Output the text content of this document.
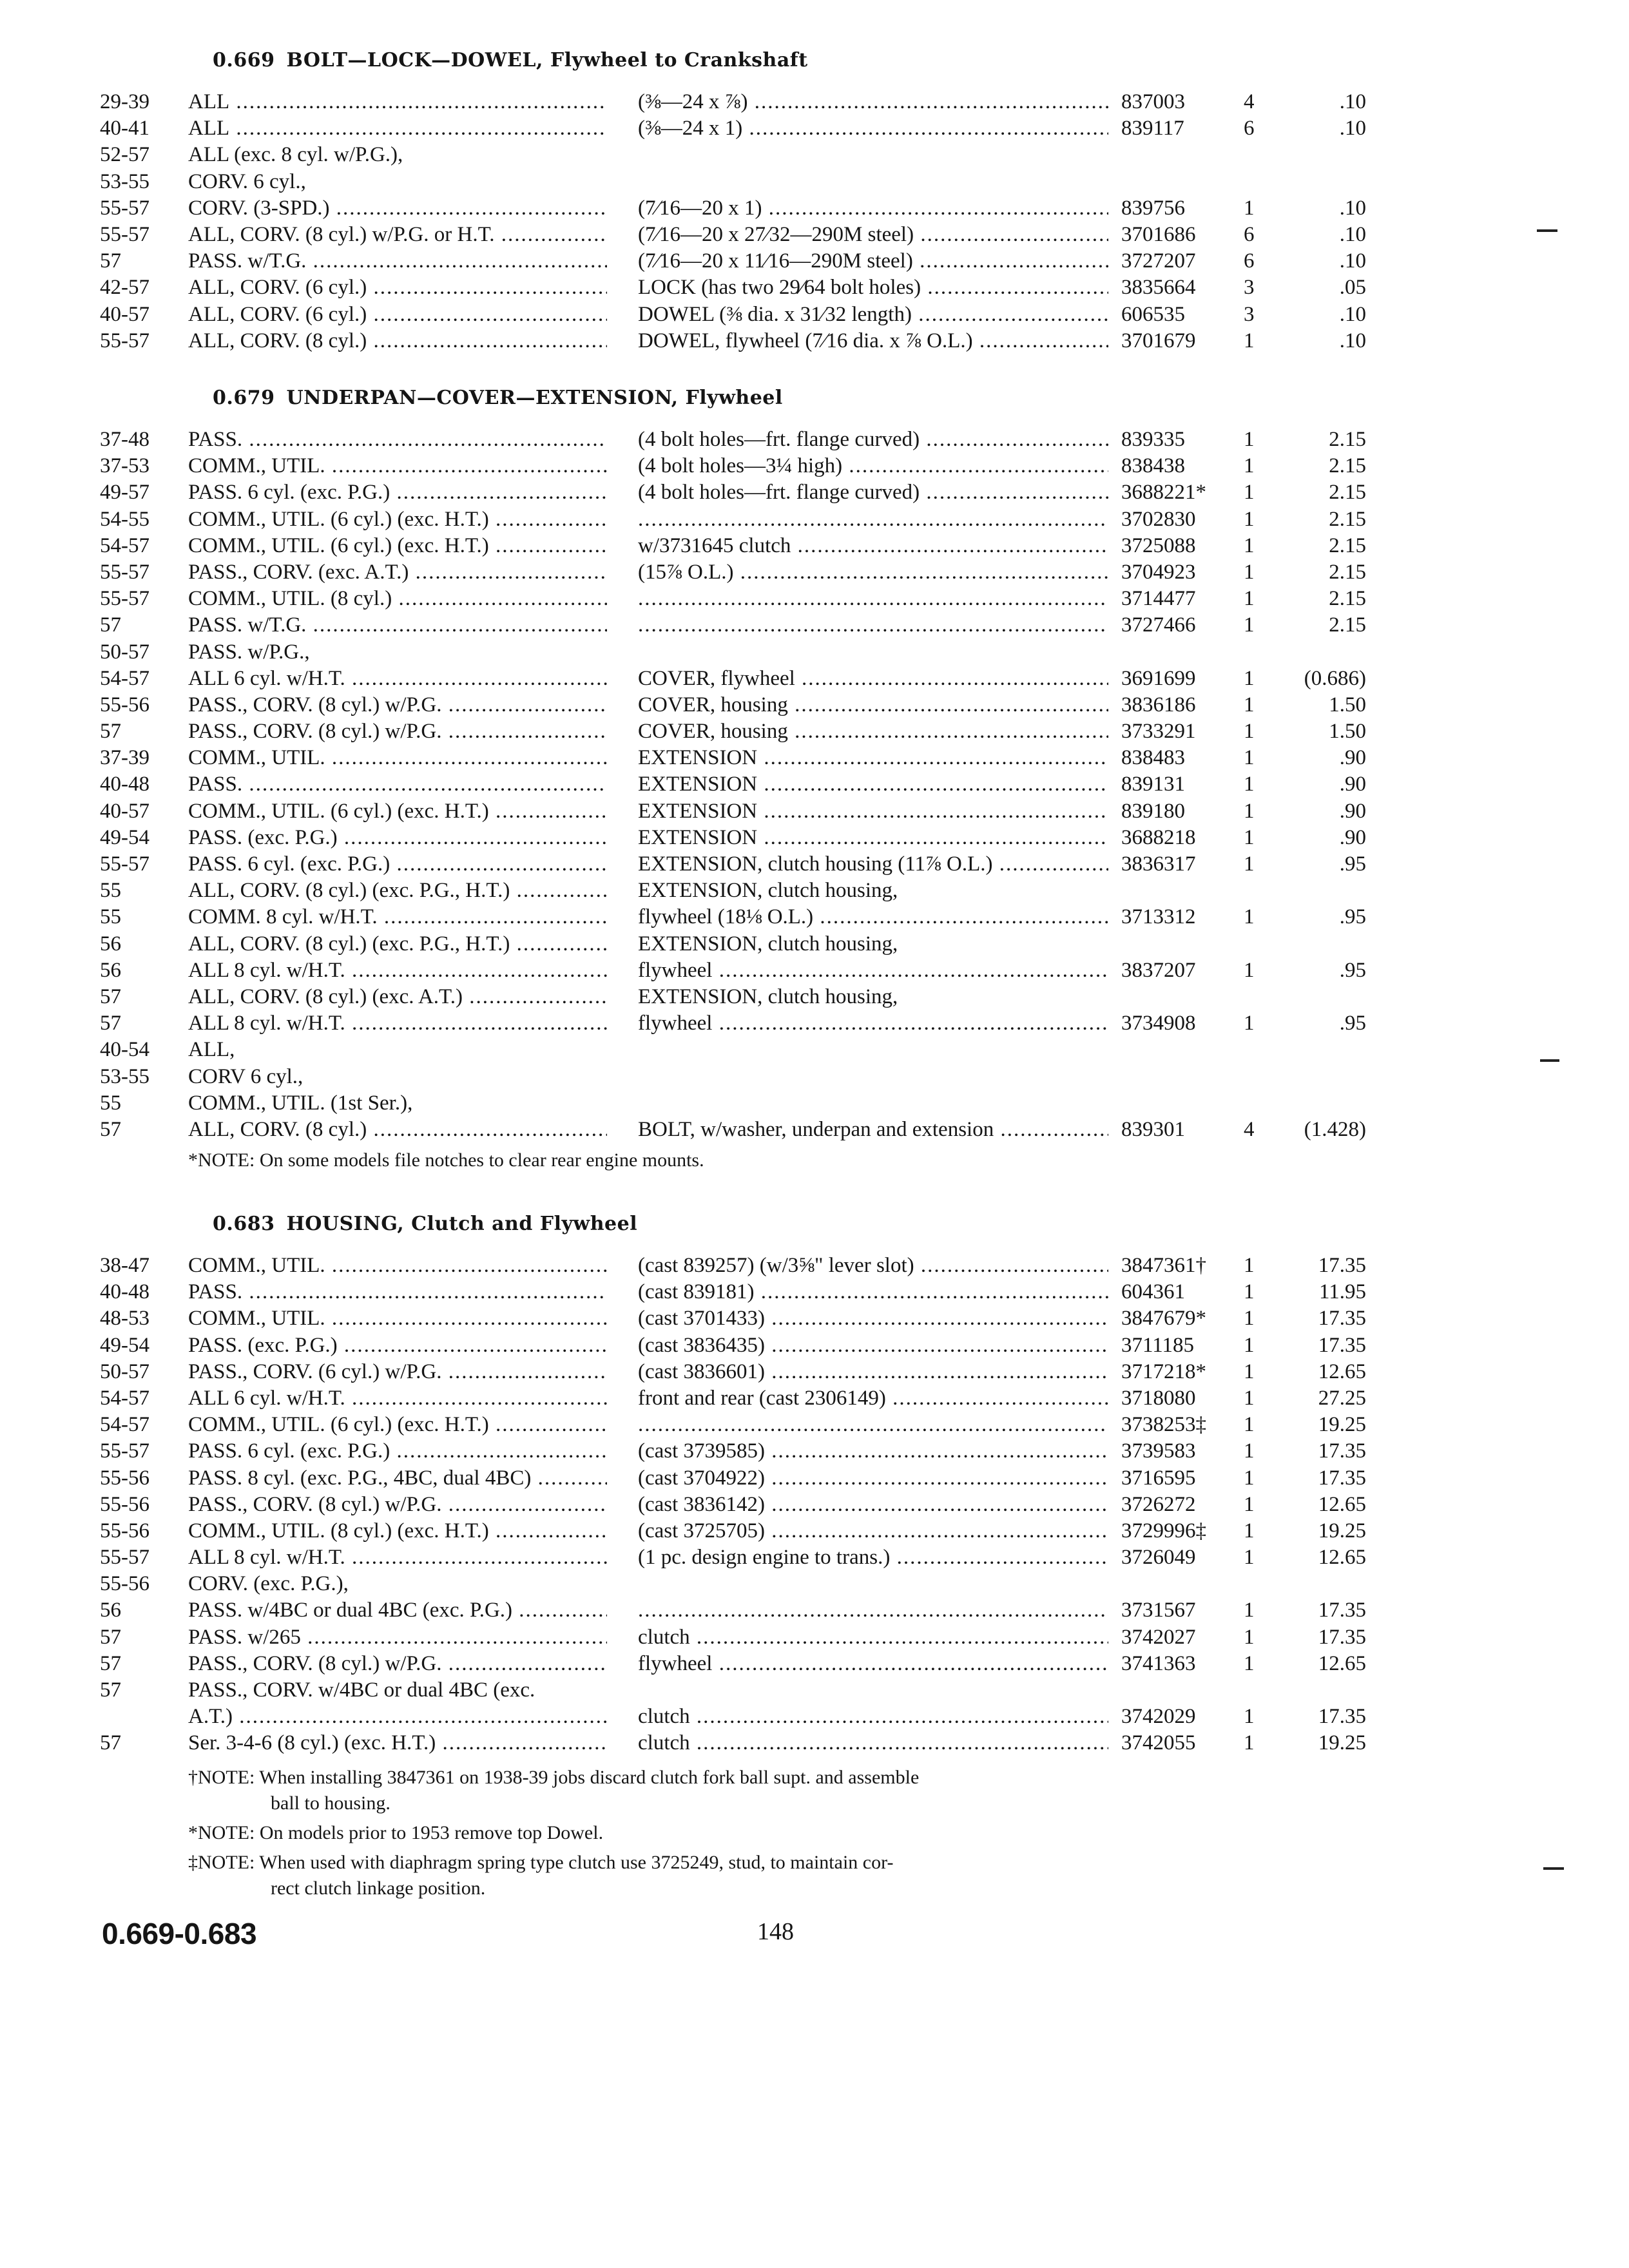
0.669 BOLT—LOCK—DOWEL, Flywheel to Crankshaft
29-39	ALL .....	(⅜—24 x ⅞) .....	837003	4	.10
40-41	ALL .....	(⅜—24 x 1) .....	839117	6	.10
52-57	ALL (exc. 8 cyl. w/P.G.),
53-55	CORV. 6 cyl.,
55-57	CORV. (3-SPD.) .....	(7⁄16—20 x 1) .....	839756	1	.10
55-57	ALL, CORV. (8 cyl.) w/P.G. or H.T. .....	(7⁄16—20 x 27⁄32—290M steel) .....	3701686	6	.10
57	PASS. w/T.G. .....	(7⁄16—20 x 11⁄16—290M steel) .....	3727207	6	.10
42-57	ALL, CORV. (6 cyl.) .....	LOCK (has two 29⁄64 bolt holes) .....	3835664	3	.05
40-57	ALL, CORV. (6 cyl.) .....	DOWEL (⅜ dia. x 31⁄32 length) .....	606535	3	.10
55-57	ALL, CORV. (8 cyl.) .....	DOWEL, flywheel (7⁄16 dia. x ⅞ O.L.) .....	3701679	1	.10
0.679 UNDERPAN—COVER—EXTENSION, Flywheel
37-48	PASS. .....	(4 bolt holes—frt. flange curved) .....	839335	1	2.15
37-53	COMM., UTIL. .....	(4 bolt holes—3¼ high) .....	838438	1	2.15
49-57	PASS. 6 cyl. (exc. P.G.) .....	(4 bolt holes—frt. flange curved) .....	3688221*	1	2.15
54-55	COMM., UTIL. (6 cyl.) (exc. H.T.) ..... .....	3702830	1	2.15
54-57	COMM., UTIL. (6 cyl.) (exc. H.T.) .....	w/3731645 clutch .....	3725088	1	2.15
55-57	PASS., CORV. (exc. A.T.) .....	(15⅞ O.L.) .....	3704923	1	2.15
55-57	COMM., UTIL. (8 cyl.) ..... .....	3714477	1	2.15
57	PASS. w/T.G. ..... .....	3727466	1	2.15
50-57	PASS. w/P.G.,
54-57	ALL 6 cyl. w/H.T. .....	COVER, flywheel .....	3691699	1	(0.686)
55-56	PASS., CORV. (8 cyl.) w/P.G. .....	COVER, housing .....	3836186	1	1.50
57	PASS., CORV. (8 cyl.) w/P.G. .....	COVER, housing .....	3733291	1	1.50
37-39	COMM., UTIL. .....	EXTENSION .....	838483	1	.90
40-48	PASS. .....	EXTENSION .....	839131	1	.90
40-57	COMM., UTIL. (6 cyl.) (exc. H.T.) .....	EXTENSION .....	839180	1	.90
49-54	PASS. (exc. P.G.) .....	EXTENSION .....	3688218	1	.90
55-57	PASS. 6 cyl. (exc. P.G.) .....	EXTENSION, clutch housing (11⅞ O.L.) .....	3836317	1	.95
55	ALL, CORV. (8 cyl.) (exc. P.G., H.T.) .....	EXTENSION, clutch housing,
55	COMM. 8 cyl. w/H.T. .....	flywheel (18⅛ O.L.) .....	3713312	1	.95
56	ALL, CORV. (8 cyl.) (exc. P.G., H.T.) .....	EXTENSION, clutch housing,
56	ALL 8 cyl. w/H.T. .....	flywheel .....	3837207	1	.95
57	ALL, CORV. (8 cyl.) (exc. A.T.) .....	EXTENSION, clutch housing,
57	ALL 8 cyl. w/H.T. .....	flywheel .....	3734908	1	.95
40-54	ALL,
53-55	CORV 6 cyl.,
55	COMM., UTIL. (1st Ser.),
57	ALL, CORV. (8 cyl.) .....	BOLT, w/washer, underpan and extension .....	839301	4	(1.428)
*NOTE: On some models file notches to clear rear engine mounts.
0.683 HOUSING, Clutch and Flywheel
38-47	COMM., UTIL. .....	(cast 839257) (w/3⅝" lever slot) .....	3847361†	1	17.35
40-48	PASS. .....	(cast 839181) .....	604361	1	11.95
48-53	COMM., UTIL. .....	(cast 3701433) .....	3847679*	1	17.35
49-54	PASS. (exc. P.G.) .....	(cast 3836435) .....	3711185	1	17.35
50-57	PASS., CORV. (6 cyl.) w/P.G. .....	(cast 3836601) .....	3717218*	1	12.65
54-57	ALL 6 cyl. w/H.T. .....	front and rear (cast 2306149) .....	3718080	1	27.25
54-57	COMM., UTIL. (6 cyl.) (exc. H.T.) ..... .....	3738253‡	1	19.25
55-57	PASS. 6 cyl. (exc. P.G.) .....	(cast 3739585) .....	3739583	1	17.35
55-56	PASS. 8 cyl. (exc. P.G., 4BC, dual 4BC) .....	(cast 3704922) .....	3716595	1	17.35
55-56	PASS., CORV. (8 cyl.) w/P.G. .....	(cast 3836142) .....	3726272	1	12.65
55-56	COMM., UTIL. (8 cyl.) (exc. H.T.) .....	(cast 3725705) .....	3729996‡	1	19.25
55-57	ALL 8 cyl. w/H.T. .....	(1 pc. design engine to trans.) .....	3726049	1	12.65
55-56	CORV. (exc. P.G.),
56	PASS. w/4BC or dual 4BC (exc. P.G.) ..... .....	3731567	1	17.35
57	PASS. w/265 .....	clutch .....	3742027	1	17.35
57	PASS., CORV. (8 cyl.) w/P.G. .....	flywheel .....	3741363	1	12.65
57	PASS., CORV. w/4BC or dual 4BC (exc.
A.T.) .....	clutch .....	3742029	1	17.35
57	Ser. 3-4-6 (8 cyl.) (exc. H.T.) .....	clutch .....	3742055	1	19.25
†NOTE: When installing 3847361 on 1938-39 jobs discard clutch fork ball supt. and assemble
ball to housing.
*NOTE: On models prior to 1953 remove top Dowel.
‡NOTE: When used with diaphragm spring type clutch use 3725249, stud, to maintain cor-
rect clutch linkage position.
0.669-0.683	148
